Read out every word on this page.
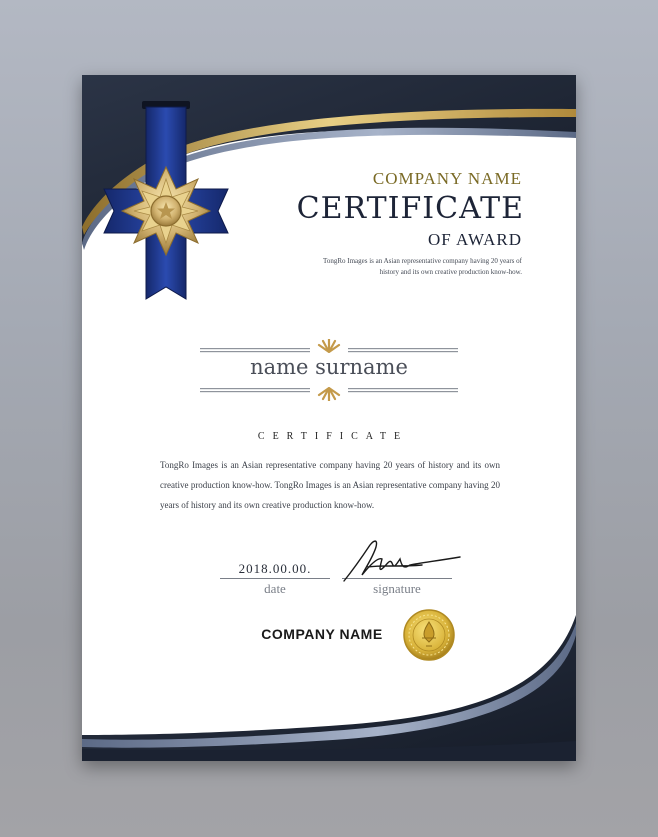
COMPANY NAME
CERTIFICATE
OF AWARD
TongRo Images is an Asian representative company having 20 years of history and its own creative production know-how.
name surname
CERTIFICATE
TongRo Images is an Asian representative company having 20 years of history and its own creative production know-how. TongRo Images is an Asian representative company having 20 years of history and its own creative production know-how.
2018.00.00.
date	signature
COMPANY NAME
